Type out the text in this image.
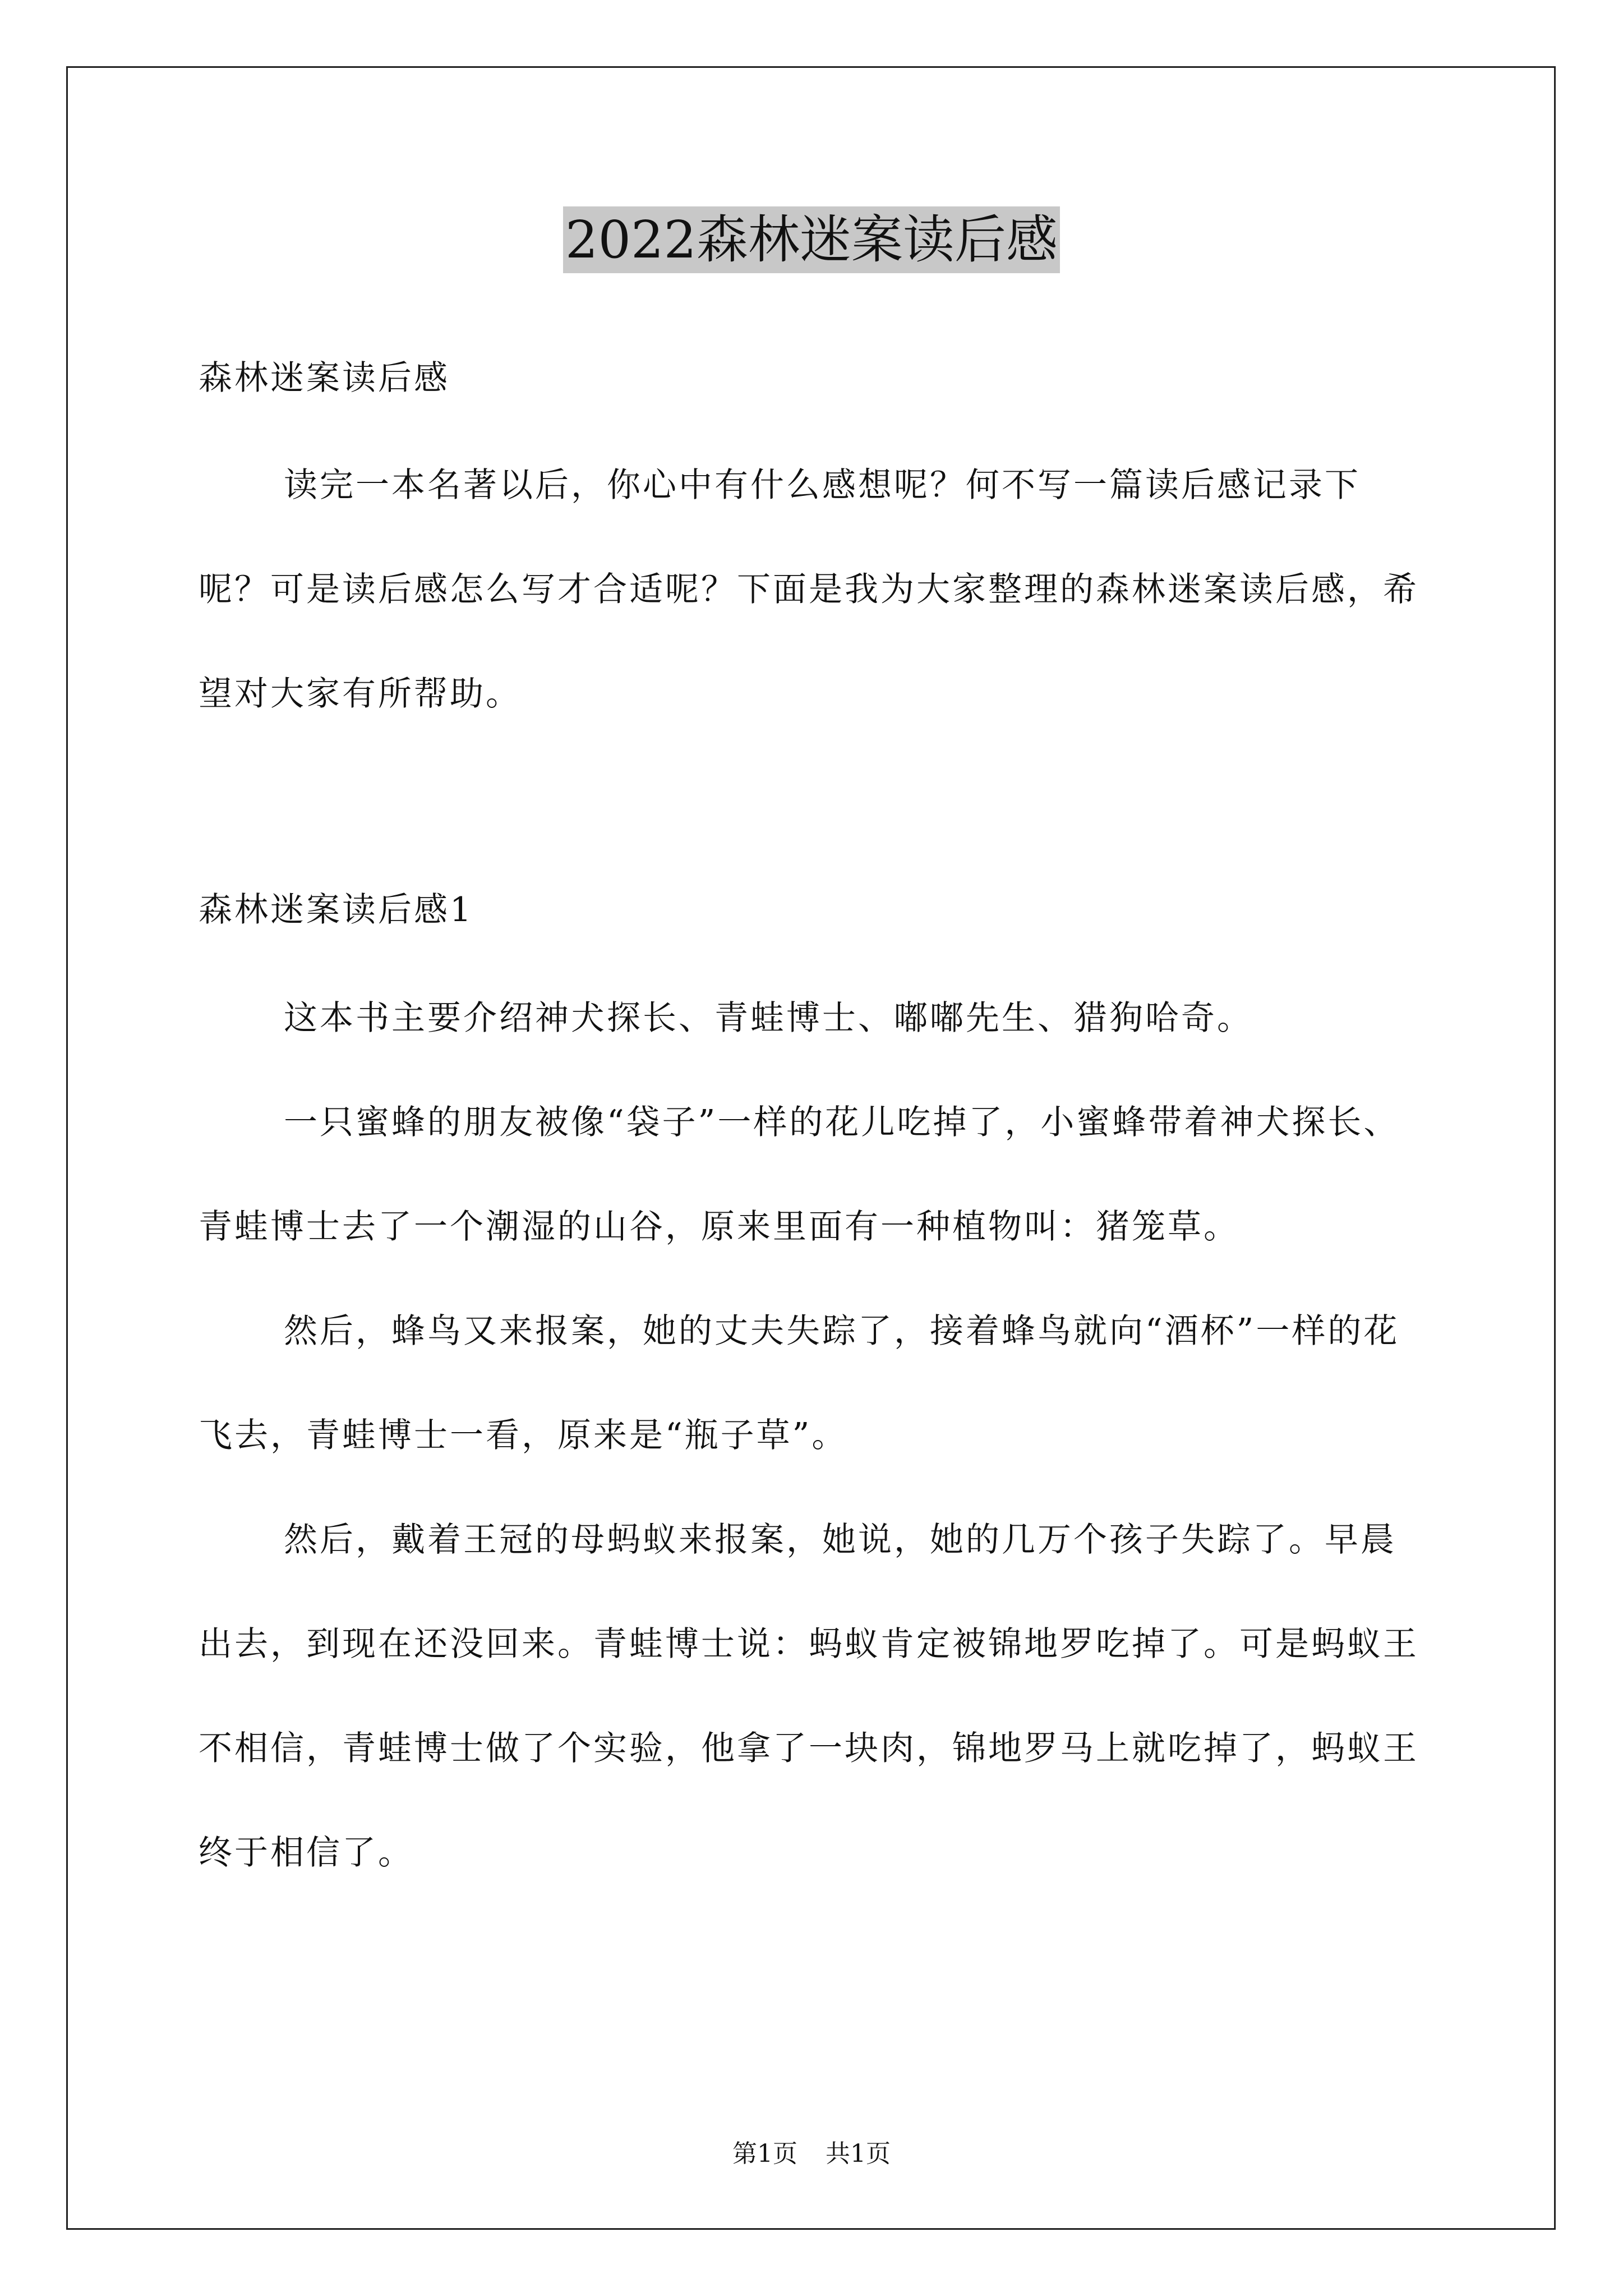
2022森林迷案读后感
森林迷案读后感

读完一本名著以后，你心中有什么感想呢？何不写一篇读后感记录下呢？可是读后感怎么写才合适呢？下面是我为大家整理的森林迷案读后感，希望对大家有所帮助。

森林迷案读后感1

这本书主要介绍神犬探长、青蛙博士、嘟嘟先生、猎狗哈奇。

一只蜜蜂的朋友被像“袋子”一样的花儿吃掉了，小蜜蜂带着神犬探长、青蛙博士去了一个潮湿的山谷，原来里面有一种植物叫：猪笼草。

然后，蜂鸟又来报案，她的丈夫失踪了，接着蜂鸟就向“酒杯”一样的花飞去，青蛙博士一看，原来是“瓶子草”。

然后，戴着王冠的母蚂蚁来报案，她说，她的几万个孩子失踪了。早晨出去，到现在还没回来。青蛙博士说：蚂蚁肯定被锦地罗吃掉了。可是蚂蚁王不相信，青蛙博士做了个实验，他拿了一块肉，锦地罗马上就吃掉了，蚂蚁王终于相信了。

第1页 共1页
